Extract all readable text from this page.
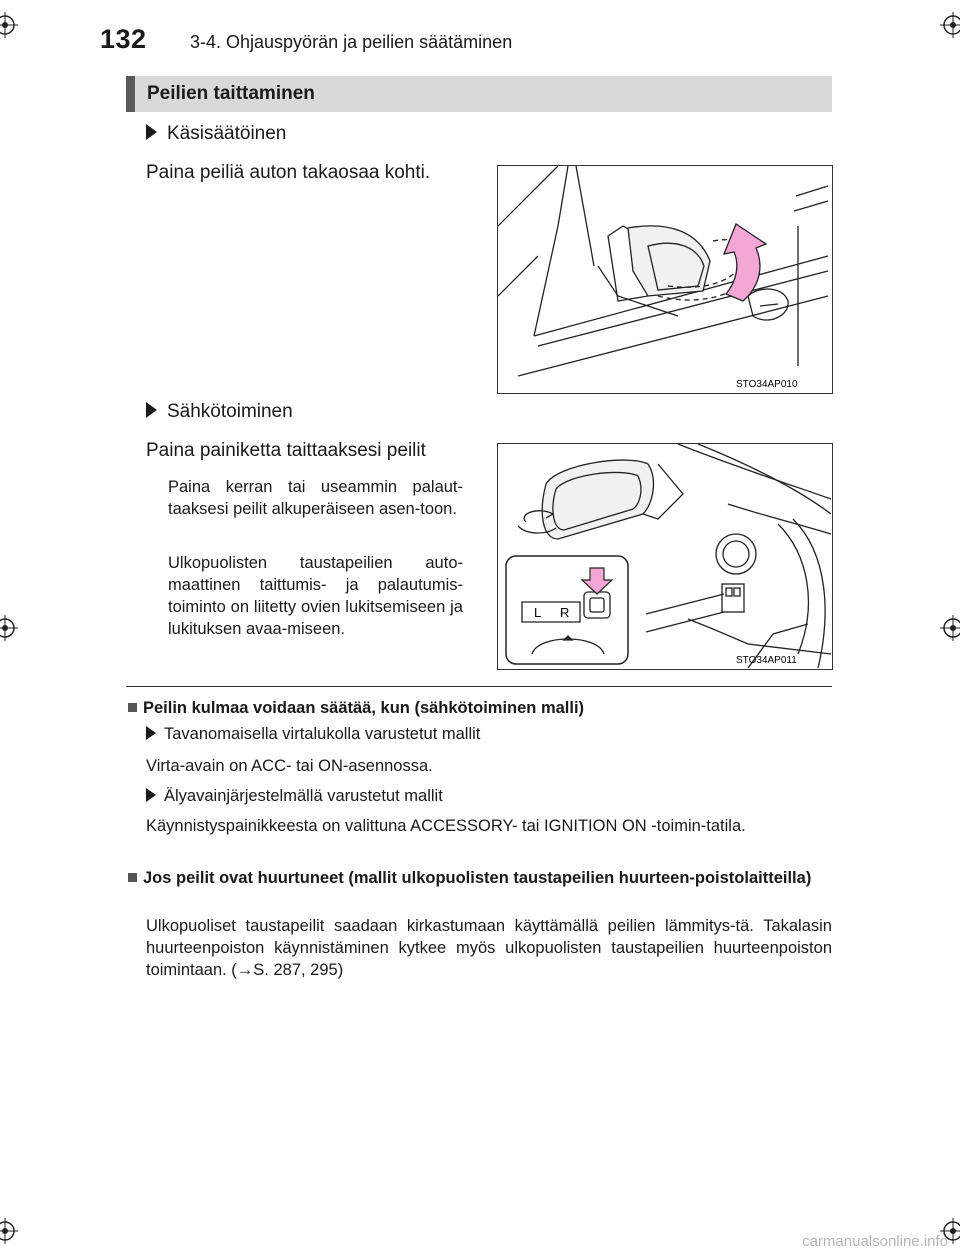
132 3-4. Ohjauspyörän ja peilien säätäminen
Peilien taittaminen
Käsisäätöinen
Paina peiliä auton takaosaa kohti.
STO34AP010
Sähkötoiminen
Paina painiketta taittaaksesi peilit
Paina kerran tai useammin palaut-taaksesi peilit alkuperäiseen asen-toon.
Ulkopuolisten taustapeilien auto-maattinen taittumis- ja palautumis-toiminto on liitetty ovien lukitsemiseen ja lukituksen avaa-miseen.
L R
STO34AP011
Peilin kulmaa voidaan säätää, kun (sähkötoiminen malli)
Tavanomaisella virtalukolla varustetut mallit
Virta-avain on ACC- tai ON-asennossa.
Älyavainjärjestelmällä varustetut mallit
Käynnistyspainikkeesta on valittuna ACCESSORY- tai IGNITION ON -toimin-tatila.
Jos peilit ovat huurtuneet (mallit ulkopuolisten taustapeilien huurteen-poistolaitteilla)
Ulkopuoliset taustapeilit saadaan kirkastumaan käyttämällä peilien lämmitys-tä. Takalasin huurteenpoiston käynnistäminen kytkee myös ulkopuolisten taustapeilien huurteenpoiston toimintaan. (→S. 287, 295)
carmanualsonline.info
